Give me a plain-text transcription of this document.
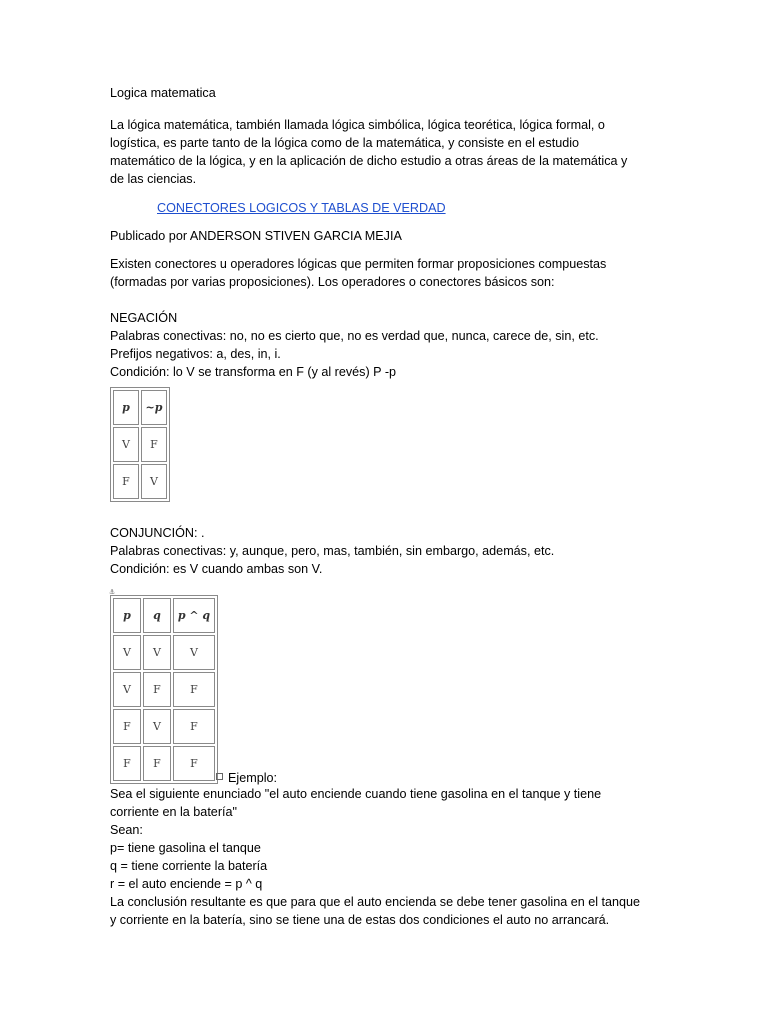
Logica matematica

La lógica matemática, también llamada lógica simbólica, lógica teorética, lógica formal, o
logística, es parte tanto de la lógica como de la matemática, y consiste en el estudio
matemático de la lógica, y en la aplicación de dicho estudio a otras áreas de la matemática y
de las ciencias.

CONECTORES LOGICOS Y TABLAS DE VERDAD

Publicado por ANDERSON STIVEN GARCIA MEJIA

Existen conectores u operadores lógicas que permiten formar proposiciones compuestas
(formadas por varias proposiciones). Los operadores o conectores básicos son:

NEGACIÓN
Palabras conectivas: no, no es cierto que, no es verdad que, nunca, carece de, sin, etc.
Prefijos negativos: a, des, in, i.
Condición: lo V se transforma en F (y al revés) P -p
p	~p
V	F
F	V
CONJUNCIÓN: .
Palabras conectivas: y, aunque, pero, mas, también, sin embargo, además, etc.
Condición: es V cuando ambas son V.
⚓
p	q	p ^ q
V	V	V
V	F	F
F	V	F
F	F	F
Ejemplo:
Sea el siguiente enunciado "el auto enciende cuando tiene gasolina en el tanque y tiene
corriente en la batería"
Sean:
p= tiene gasolina el tanque
q = tiene corriente la batería
r = el auto enciende = p ^ q
La conclusión resultante es que para que el auto encienda se debe tener gasolina en el tanque
y corriente en la batería, sino se tiene una de estas dos condiciones el auto no arrancará.
